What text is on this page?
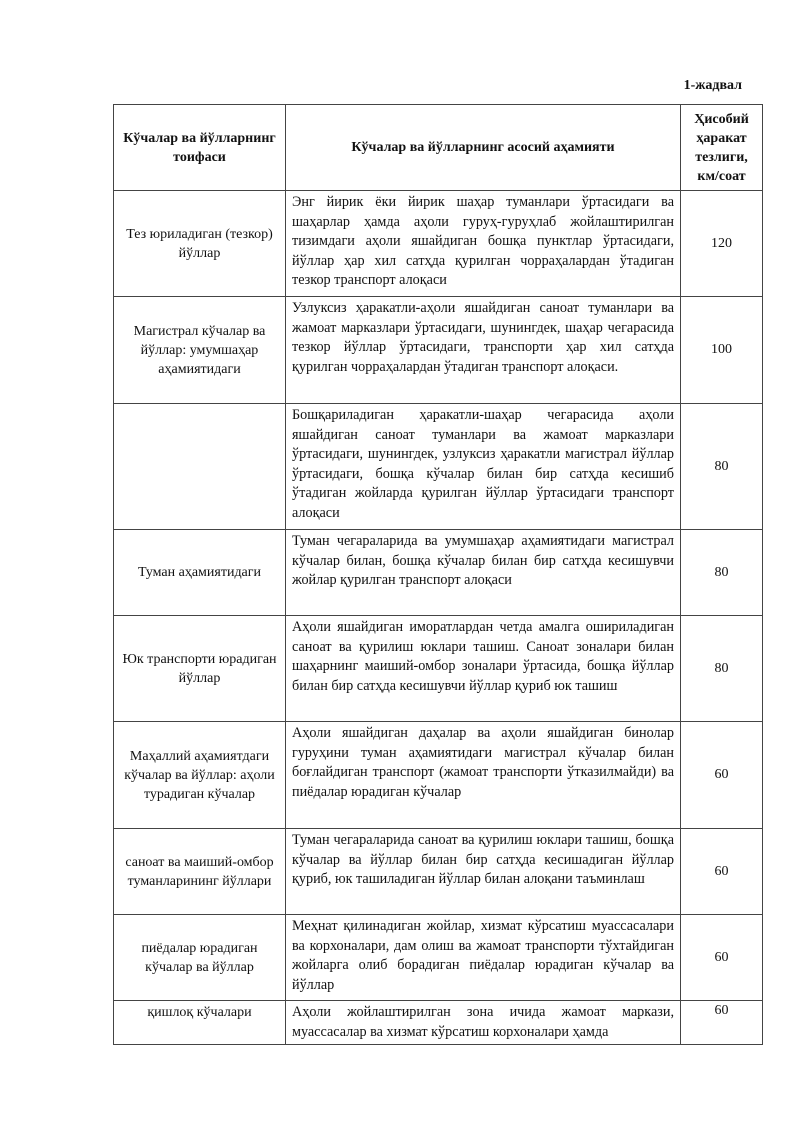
1-жадвал
Кўчалар ва йўлларнинг тоифаси	Кўчалар ва йўлларнинг асосий аҳамияти	Ҳисобий ҳаракат тезлиги, км/соат
Тез юриладиган (тезкор) йўллар	Энг йирик ёки йирик шаҳар туманлари ўртасидаги ва шаҳарлар ҳамда аҳоли гуруҳ-гуруҳлаб жойлаштирилган тизимдаги аҳоли яшайдиган бошқа пунктлар ўртасидаги, йўллар ҳар хил сатҳда қурилган чорраҳалардан ўтадиган тезкор транспорт алоқаси	120
Магистрал кўчалар ва йўллар: умумшаҳар аҳамиятидаги	Узлуксиз ҳаракатли-аҳоли яшайдиган саноат туманлари ва жамоат марказлари ўртасидаги, шунингдек, шаҳар чегарасида тезкор йўллар ўртасидаги, транспорти ҳар хил сатҳда қурилган чорраҳалардан ўтадиган транспорт алоқаси.	100
	Бошқариладиган ҳаракатли-шаҳар чегарасида аҳоли яшайдиган саноат туманлари ва жамоат марказлари ўртасидаги, шунингдек, узлуксиз ҳаракатли магистрал йўллар ўртасидаги, бошқа кўчалар билан бир сатҳда кесишиб ўтадиган жойларда қурилган йўллар ўртасидаги транспорт алоқаси	80
Туман аҳамиятидаги	Туман чегараларида ва умумшаҳар аҳамиятидаги магистрал кўчалар билан, бошқа кўчалар билан бир сатҳда кесишувчи жойлар қурилган транспорт алоқаси	80
Юк транспорти юрадиган йўллар	Аҳоли яшайдиган иморатлардан четда амалга ошириладиган саноат ва қурилиш юклари ташиш. Саноат зоналари билан шаҳарнинг маиший-омбор зоналари ўртасида, бошқа йўллар билан бир сатҳда кесишувчи йўллар қуриб юк ташиш	80
Маҳаллий аҳамиятдаги кўчалар ва йўллар: аҳоли турадиган кўчалар	Аҳоли яшайдиган даҳалар ва аҳоли яшайдиган бинолар гуруҳини туман аҳамиятидаги магистрал кўчалар билан боғлайдиган транспорт (жамоат транспорти ўтказилмайди) ва пиёдалар юрадиган кўчалар	60
саноат ва маиший-омбор туманларининг йўллари	Туман чегараларида саноат ва қурилиш юклари ташиш, бошқа кўчалар ва йўллар билан бир сатҳда кесишадиган йўллар қуриб, юк ташиладиган йўллар билан алоқани таъминлаш	60
пиёдалар юрадиган кўчалар ва йўллар	Меҳнат қилинадиган жойлар, хизмат кўрсатиш муассасалари ва корхоналари, дам олиш ва жамоат транспорти тўхтайдиган жойларга олиб борадиган пиёдалар юрадиган кўчалар ва йўллар	60
қишлоқ кўчалари	Аҳоли жойлаштирилган зона ичида жамоат маркази, муассасалар ва хизмат кўрсатиш корхоналари ҳамда	60
